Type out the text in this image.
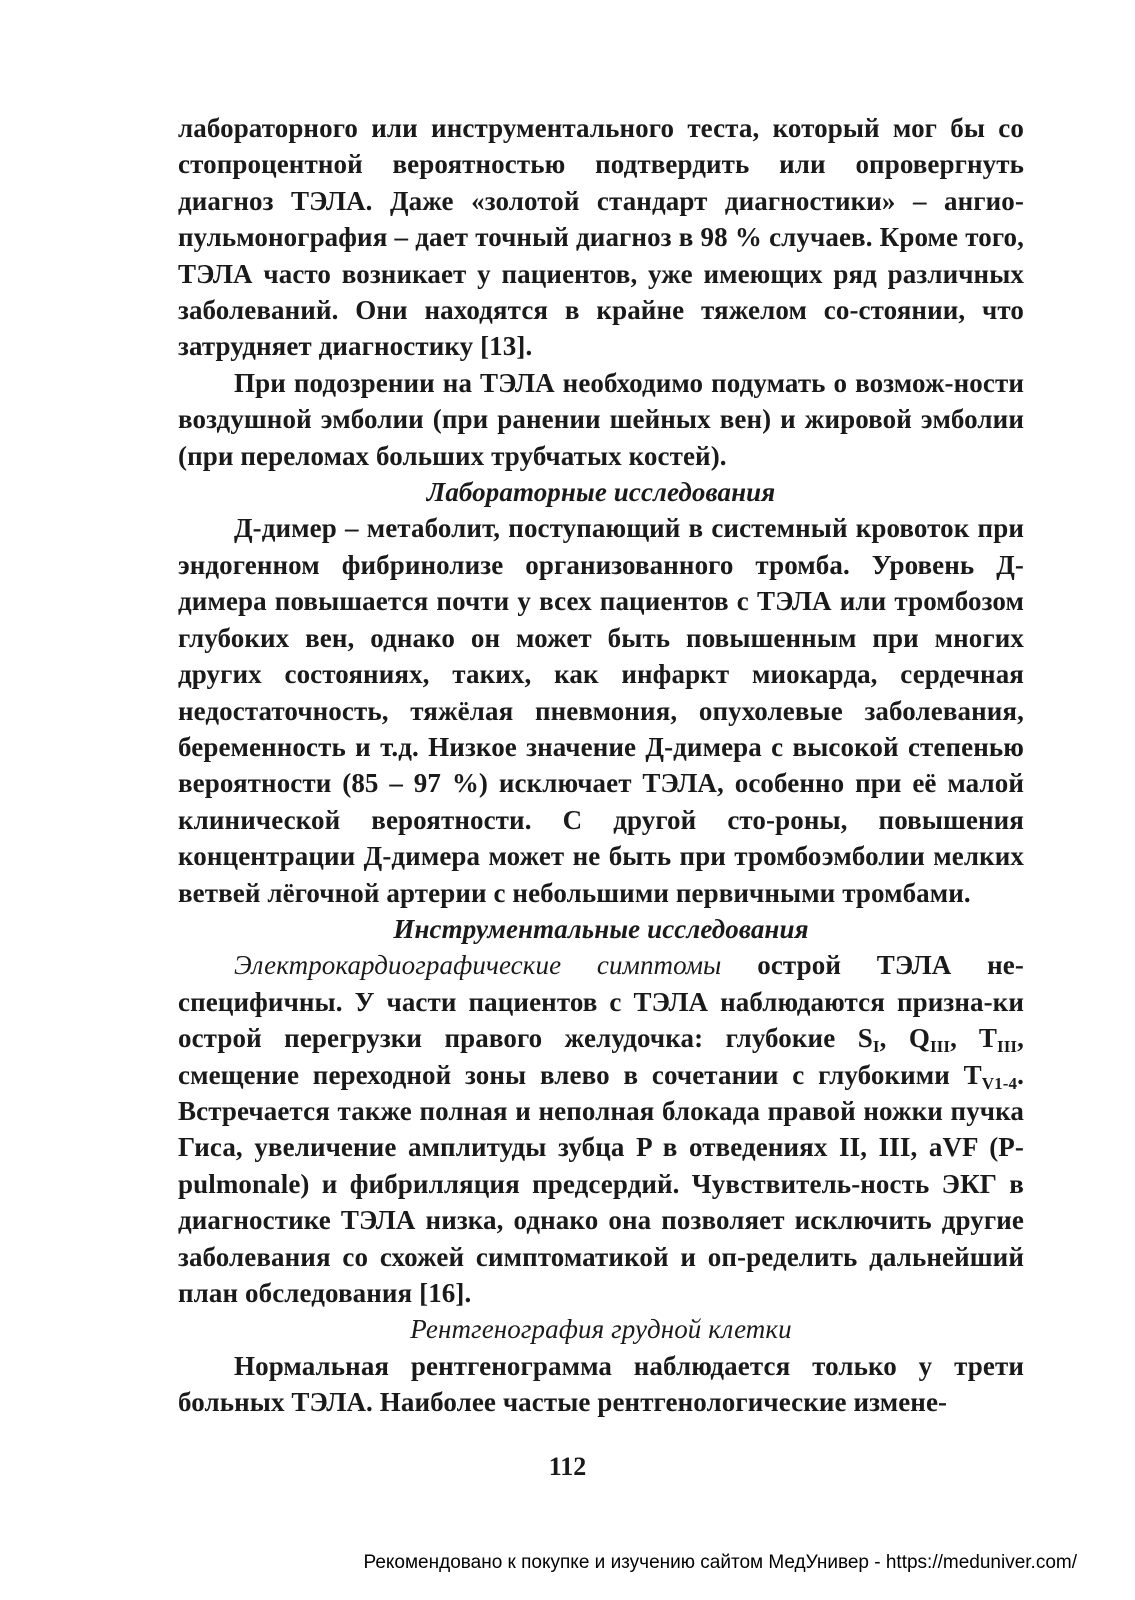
лабораторного или инструментального теста, который мог бы со стопроцентной вероятностью подтвердить или опровергнуть диагноз ТЭЛА. Даже «золотой стандарт диагностики» – ангио-пульмонография – дает точный диагноз в 98 % случаев. Кроме того, ТЭЛА часто возникает у пациентов, уже имеющих ряд различных заболеваний. Они находятся в крайне тяжелом со-стоянии, что затрудняет диагностику [13].

При подозрении на ТЭЛА необходимо подумать о возмож-ности воздушной эмболии (при ранении шейных вен) и жировой эмболии (при переломах больших трубчатых костей).

Лабораторные исследования

Д-димер – метаболит, поступающий в системный кровоток при эндогенном фибринолизе организованного тромба. Уровень Д-димера повышается почти у всех пациентов с ТЭЛА или тромбозом глубоких вен, однако он может быть повышенным при многих других состояниях, таких, как инфаркт миокарда, сердечная недостаточность, тяжёлая пневмония, опухолевые заболевания, беременность и т.д. Низкое значение Д-димера с высокой степенью вероятности (85 – 97 %) исключает ТЭЛА, особенно при её малой клинической вероятности. С другой сто-роны, повышения концентрации Д-димера может не быть при тромбоэмболии мелких ветвей лёгочной артерии с небольшими первичными тромбами.

Инструментальные исследования

Электрокардиографические симптомы острой ТЭЛА не-специфичны. У части пациентов с ТЭЛА наблюдаются призна-ки острой перегрузки правого желудочка: глубокие $S_I$, $Q_{III}$, $T_{III}$, смещение переходной зоны влево в сочетании с глубокими $T_{V1-4}$. Встречается также полная и неполная блокада правой ножки пучка Гиса, увеличение амплитуды зубца P в отведениях II, III, aVF (P-pulmonale) и фибрилляция предсердий. Чувствитель-ность ЭКГ в диагностике ТЭЛА низка, однако она позволяет исключить другие заболевания со схожей симптоматикой и оп-ределить дальнейший план обследования [16].

Рентгенография грудной клетки

Нормальная рентгенограмма наблюдается только у трети больных ТЭЛА. Наиболее частые рентгенологические измене-

112
Рекомендовано к покупке и изучению сайтом МедУнивер - https://meduniver.com/
